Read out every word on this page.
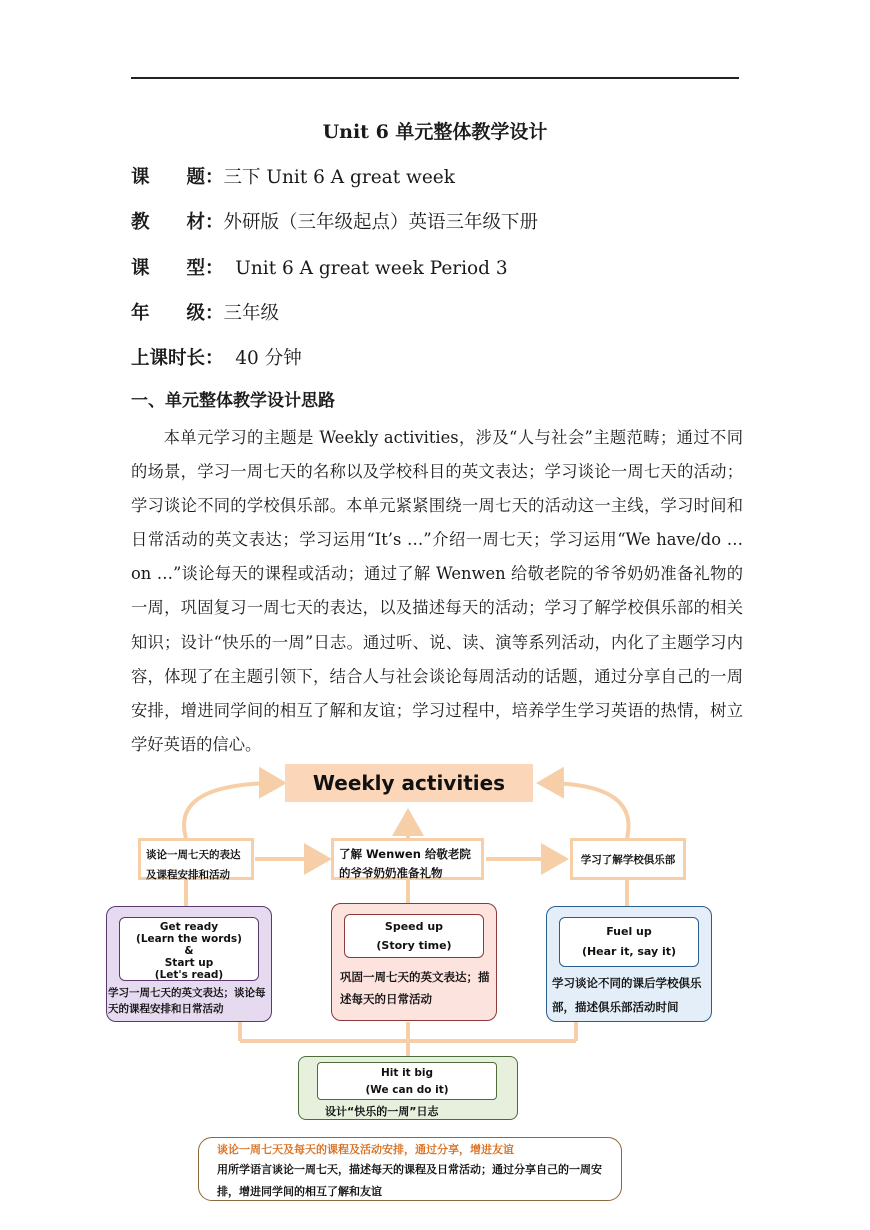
Unit 6 单元整体教学设计
课　　题：三下 Unit 6 A great week
教　　材：外研版（三年级起点）英语三年级下册
课　　型：  Unit 6 A great week Period 3
年　　级：三年级
上课时长：  40 分钟
一、单元整体教学设计思路
本单元学习的主题是 Weekly activities，涉及“人与社会”主题范畴；通过不同的场景，学习一周七天的名称以及学校科目的英文表达；学习谈论一周七天的活动；学习谈论不同的学校俱乐部。本单元紧紧围绕一周七天的活动这一主线，学习时间和日常活动的英文表达；学习运用“It’s …”介绍一周七天；学习运用“We have/do … on …”谈论每天的课程或活动；通过了解 Wenwen 给敬老院的爷爷奶奶准备礼物的一周，巩固复习一周七天的表达，以及描述每天的活动；学习了解学校俱乐部的相关知识；设计“快乐的一周”日志。通过听、说、读、演等系列活动，内化了主题学习内容，体现了在主题引领下，结合人与社会谈论每周活动的话题，通过分享自己的一周安排，增进同学间的相互了解和友谊；学习过程中，培养学生学习英语的热情，树立学好英语的信心。
Weekly activities
谈论一周七天的表达及课程安排和活动
了解 Wenwen 给敬老院的爷爷奶奶准备礼物
学习了解学校俱乐部
Get ready
(Learn the words)
&
Start up
(Let's read)
学习一周七天的英文表达；谈论每天的课程安排和日常活动
Speed up
(Story time)
巩固一周七天的英文表达；描述每天的日常活动
Fuel up
(Hear it, say it)
学习谈论不同的课后学校俱乐部，描述俱乐部活动时间
Hit it big
(We can do it)
设计“快乐的一周”日志
谈论一周七天及每天的课程及活动安排，通过分享，增进友谊
用所学语言谈论一周七天，描述每天的课程及日常活动；通过分享自己的一周安排，增进同学间的相互了解和友谊
